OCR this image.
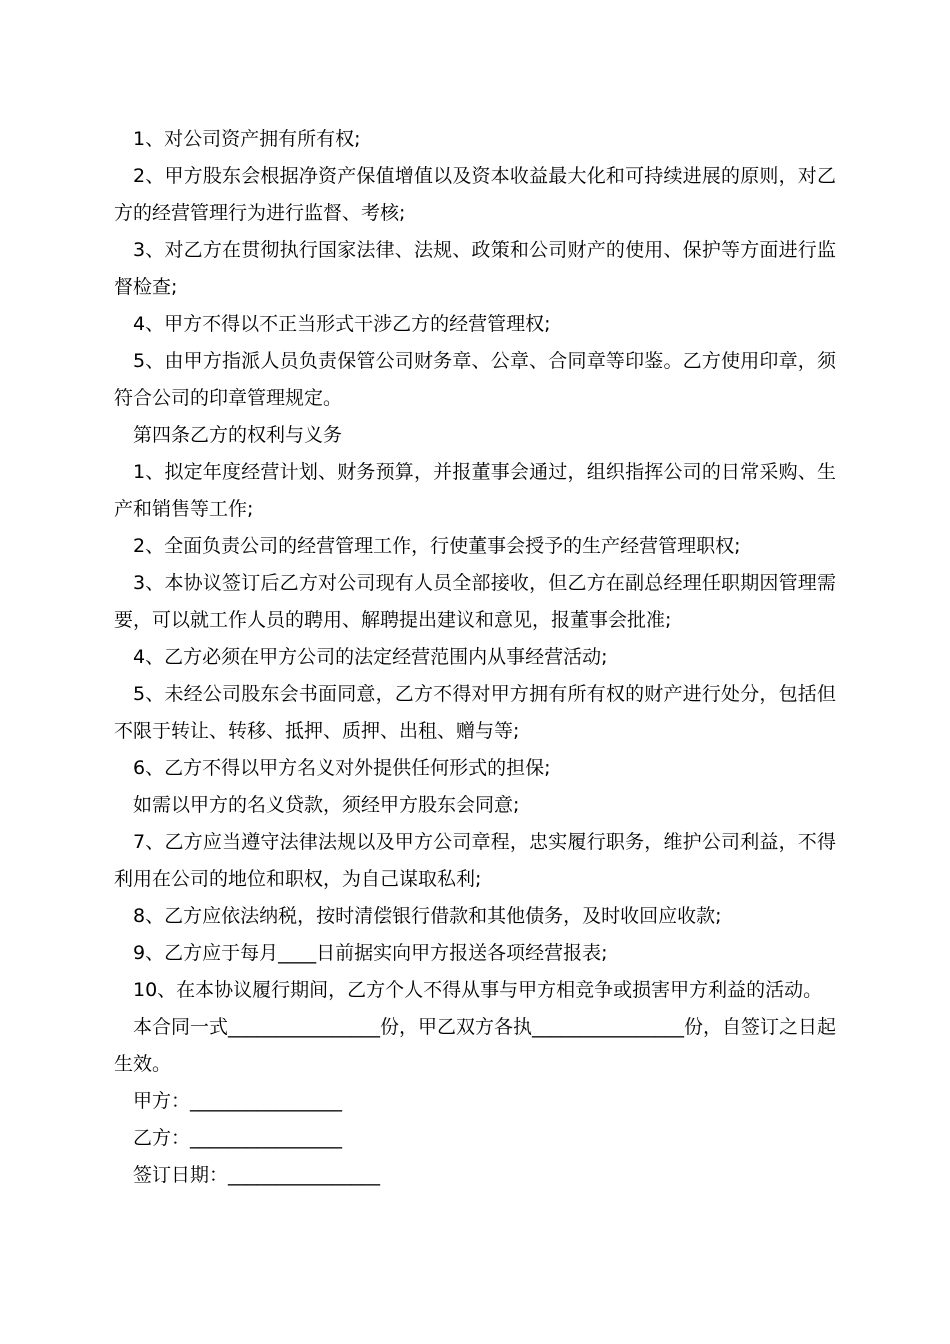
1、对公司资产拥有所有权;

2、甲方股东会根据净资产保值增值以及资本收益最大化和可持续进展的原则，对乙方的经营管理行为进行监督、考核;

3、对乙方在贯彻执行国家法律、法规、政策和公司财产的使用、保护等方面进行监督检查;

4、甲方不得以不正当形式干涉乙方的经营管理权;

5、由甲方指派人员负责保管公司财务章、公章、合同章等印鉴。乙方使用印章，须符合公司的印章管理规定。

第四条乙方的权利与义务

1、拟定年度经营计划、财务预算，并报董事会通过，组织指挥公司的日常采购、生产和销售等工作;

2、全面负责公司的经营管理工作，行使董事会授予的生产经营管理职权;

3、本协议签订后乙方对公司现有人员全部接收，但乙方在副总经理任职期因管理需要，可以就工作人员的聘用、解聘提出建议和意见，报董事会批准;

4、乙方必须在甲方公司的法定经营范围内从事经营活动;

5、未经公司股东会书面同意，乙方不得对甲方拥有所有权的财产进行处分，包括但不限于转让、转移、抵押、质押、出租、赠与等;

6、乙方不得以甲方名义对外提供任何形式的担保;

如需以甲方的名义贷款，须经甲方股东会同意;

7、乙方应当遵守法律法规以及甲方公司章程，忠实履行职务，维护公司利益，不得利用在公司的地位和职权，为自己谋取私利;

8、乙方应依法纳税，按时清偿银行借款和其他债务，及时收回应收款;

9、乙方应于每月____日前据实向甲方报送各项经营报表;

10、在本协议履行期间，乙方个人不得从事与甲方相竞争或损害甲方利益的活动。

本合同一式________________份，甲乙双方各执________________份，自签订之日起生效。

甲方：________________

乙方：________________

签订日期：________________
